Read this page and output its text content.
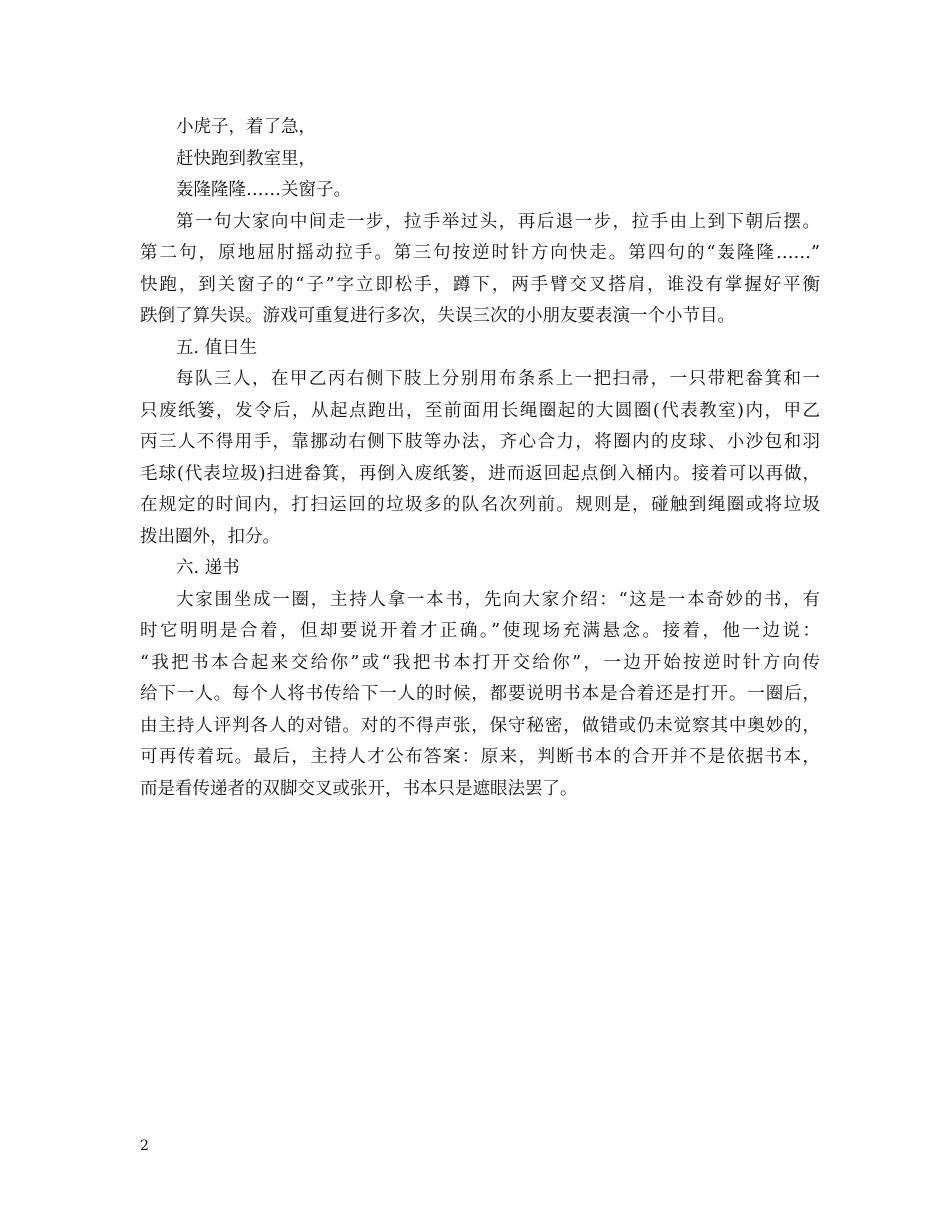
小虎子，着了急，
赶快跑到教室里，
轰隆隆隆……关窗子。
第一句大家向中间走一步，拉手举过头，再后退一步，拉手由上到下朝后摆。
第二句，原地屈肘摇动拉手。第三句按逆时针方向快走。第四句的“轰隆隆……”
快跑，到关窗子的“子”字立即松手，蹲下，两手臂交叉搭肩，谁没有掌握好平衡
跌倒了算失误。游戏可重复进行多次，失误三次的小朋友要表演一个小节目。
五. 值日生
每队三人，在甲乙丙右侧下肢上分别用布条系上一把扫帚，一只带粑畚箕和一
只废纸篓，发令后，从起点跑出，至前面用长绳圈起的大圆圈(代表教室)内，甲乙
丙三人不得用手，靠挪动右侧下肢等办法，齐心合力，将圈内的皮球、小沙包和羽
毛球(代表垃圾)扫进畚箕，再倒入废纸篓，进而返回起点倒入桶内。接着可以再做，
在规定的时间内，打扫运回的垃圾多的队名次列前。规则是，碰触到绳圈或将垃圾
拨出圈外，扣分。
六. 递书
大家围坐成一圈，主持人拿一本书，先向大家介绍：“这是一本奇妙的书，有
时它明明是合着，但却要说开着才正确。”使现场充满悬念。接着，他一边说：
“我把书本合起来交给你”或“我把书本打开交给你”，一边开始按逆时针方向传
给下一人。每个人将书传给下一人的时候，都要说明书本是合着还是打开。一圈后，
由主持人评判各人的对错。对的不得声张，保守秘密，做错或仍未觉察其中奥妙的，
可再传着玩。最后，主持人才公布答案：原来，判断书本的合开并不是依据书本，
而是看传递者的双脚交叉或张开，书本只是遮眼法罢了。
2
